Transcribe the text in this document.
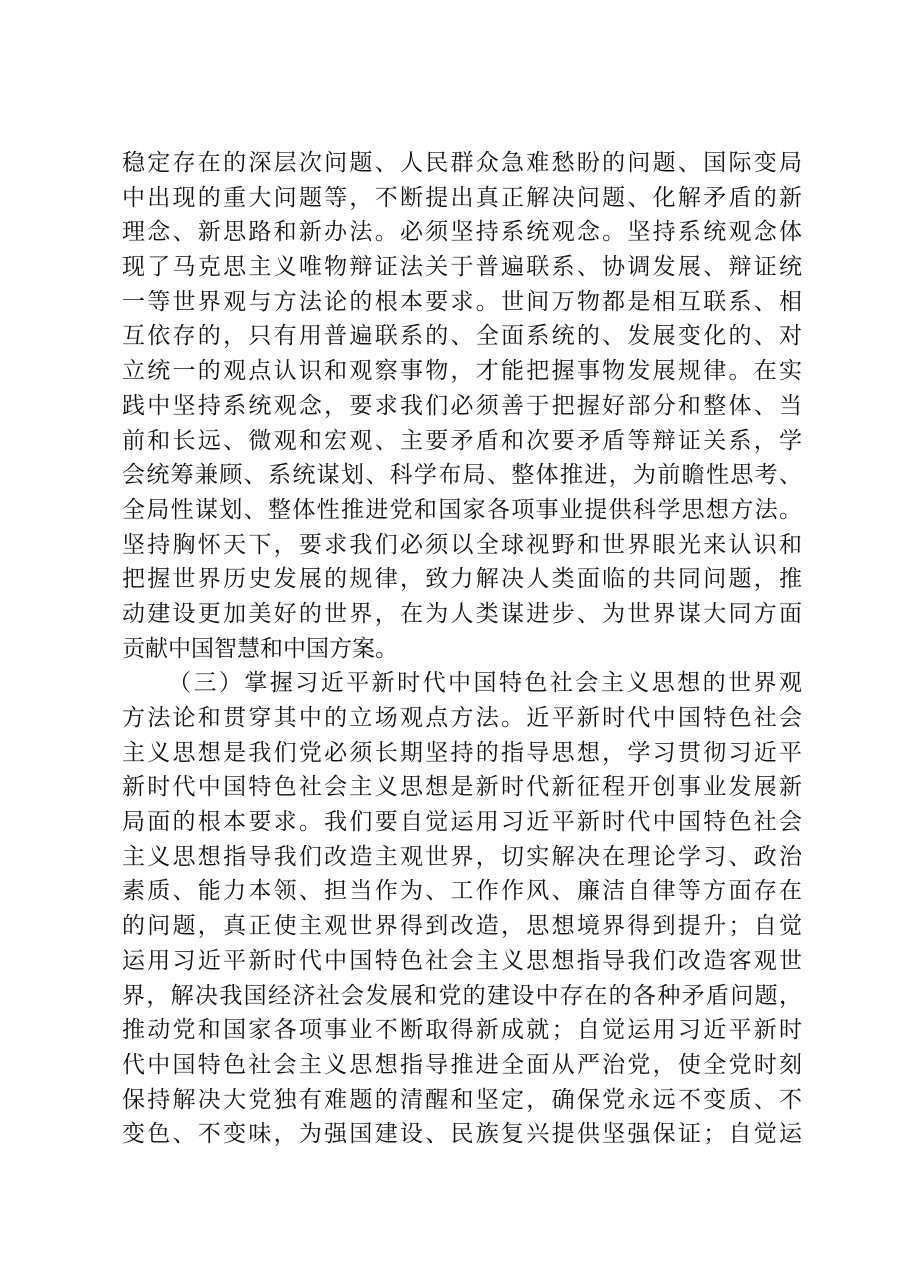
稳定存在的深层次问题、人民群众急难愁盼的问题、国际变局
中出现的重大问题等，不断提出真正解决问题、化解矛盾的新
理念、新思路和新办法。必须坚持系统观念。坚持系统观念体
现了马克思主义唯物辩证法关于普遍联系、协调发展、辩证统
一等世界观与方法论的根本要求。世间万物都是相互联系、相
互依存的，只有用普遍联系的、全面系统的、发展变化的、对
立统一的观点认识和观察事物，才能把握事物发展规律。在实
践中坚持系统观念，要求我们必须善于把握好部分和整体、当
前和长远、微观和宏观、主要矛盾和次要矛盾等辩证关系，学
会统筹兼顾、系统谋划、科学布局、整体推进，为前瞻性思考、
全局性谋划、整体性推进党和国家各项事业提供科学思想方法。
坚持胸怀天下，要求我们必须以全球视野和世界眼光来认识和
把握世界历史发展的规律，致力解决人类面临的共同问题，推
动建设更加美好的世界，在为人类谋进步、为世界谋大同方面
贡献中国智慧和中国方案。
（三）掌握习近平新时代中国特色社会主义思想的世界观
方法论和贯穿其中的立场观点方法。近平新时代中国特色社会
主义思想是我们党必须长期坚持的指导思想，学习贯彻习近平
新时代中国特色社会主义思想是新时代新征程开创事业发展新
局面的根本要求。我们要自觉运用习近平新时代中国特色社会
主义思想指导我们改造主观世界，切实解决在理论学习、政治
素质、能力本领、担当作为、工作作风、廉洁自律等方面存在
的问题，真正使主观世界得到改造，思想境界得到提升；自觉
运用习近平新时代中国特色社会主义思想指导我们改造客观世
界，解决我国经济社会发展和党的建设中存在的各种矛盾问题，
推动党和国家各项事业不断取得新成就；自觉运用习近平新时
代中国特色社会主义思想指导推进全面从严治党，使全党时刻
保持解决大党独有难题的清醒和坚定，确保党永远不变质、不
变色、不变味，为强国建设、民族复兴提供坚强保证；自觉运
